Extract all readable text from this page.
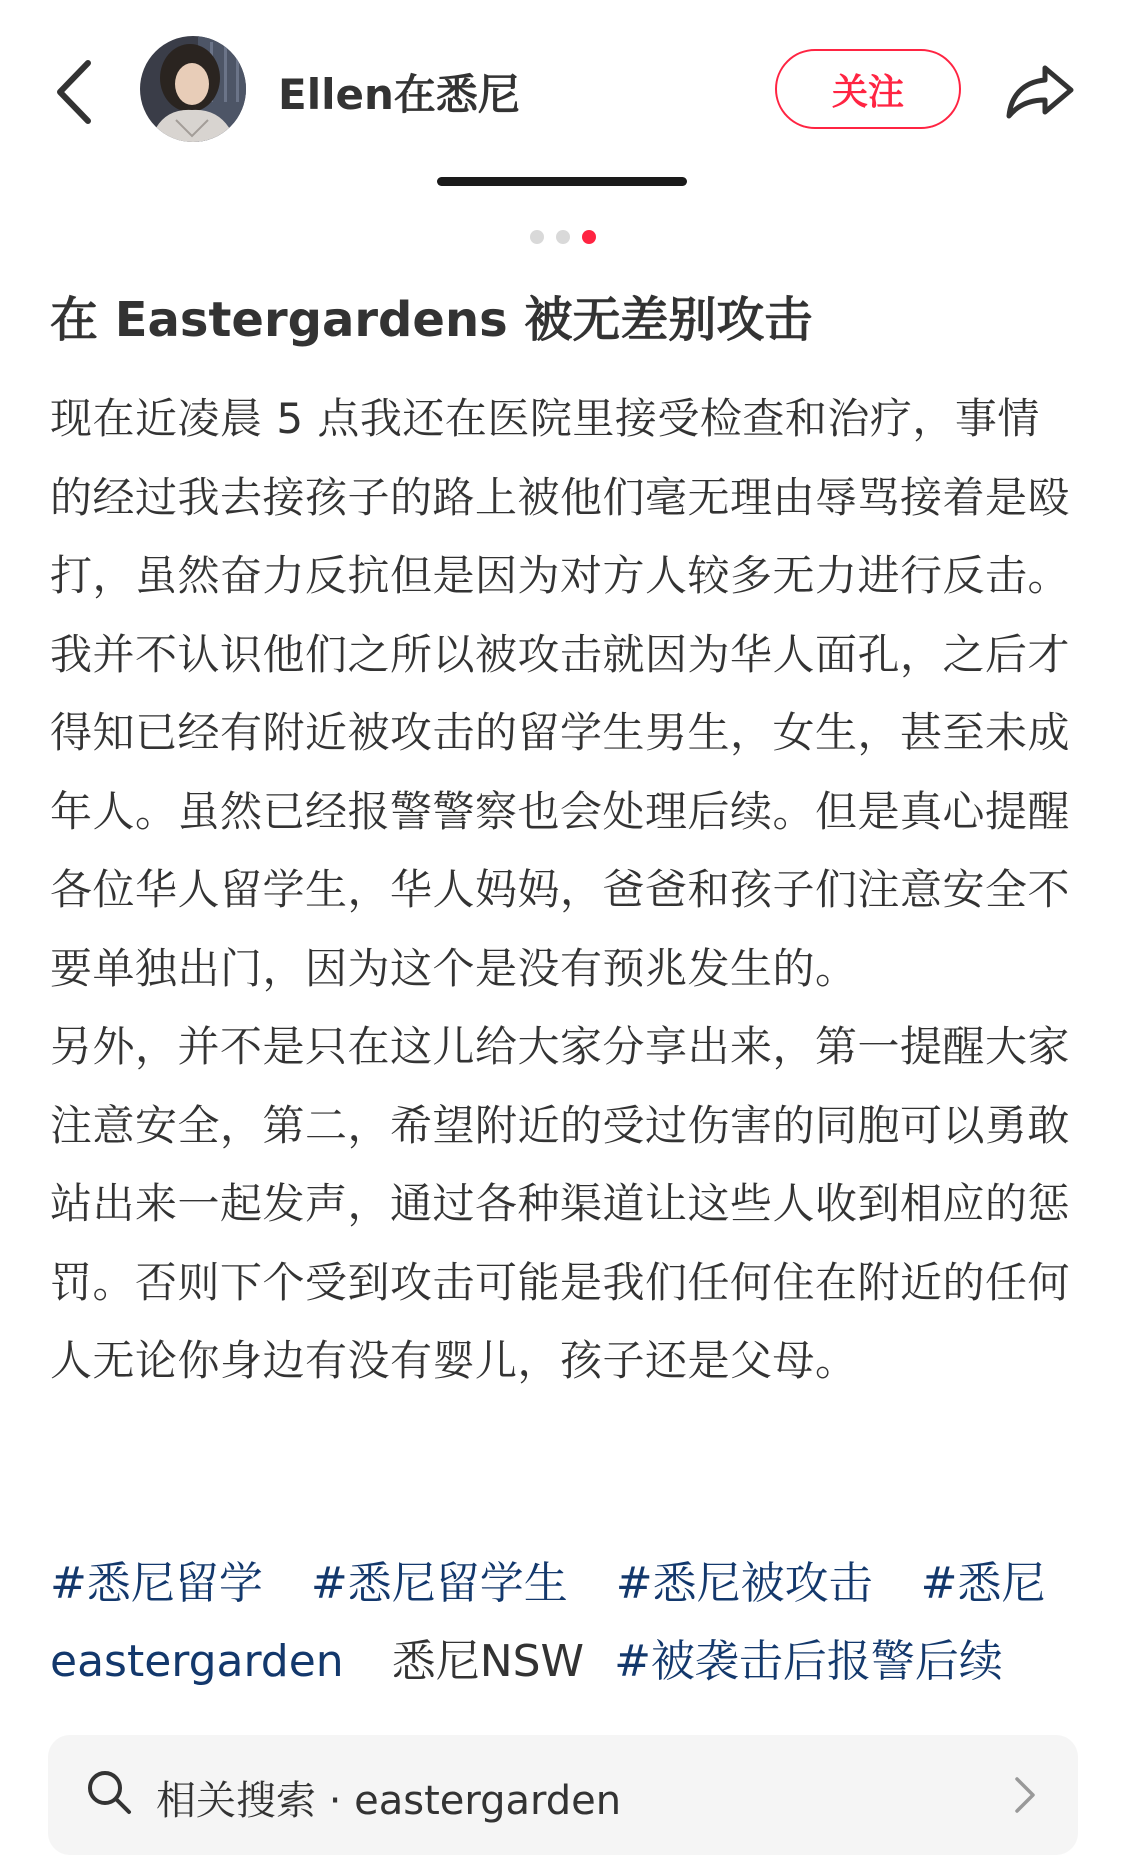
Ellen在悉尼	关注
在 Eastergardens 被无差别攻击

现在近凌晨 5 点我还在医院里接受检查和治疗，事情的经过我去接孩子的路上被他们毫无理由辱骂接着是殴打，虽然奋力反抗但是因为对方人较多无力进行反击。我并不认识他们之所以被攻击就因为华人面孔，之后才得知已经有附近被攻击的留学生男生，女生，甚至未成年人。虽然已经报警警察也会处理后续。但是真心提醒各位华人留学生，华人妈妈，爸爸和孩子们注意安全不要单独出门，因为这个是没有预兆发生的。

另外，并不是只在这儿给大家分享出来，第一提醒大家注意安全，第二，希望附近的受过伤害的同胞可以勇敢站出来一起发声，通过各种渠道让这些人收到相应的惩罚。否则下个受到攻击可能是我们任何住在附近的任何人无论你身边有没有婴儿，孩子还是父母。

#悉尼留学 #悉尼留学生 #悉尼被攻击 #悉尼eastergarden 悉尼NSW #被袭击后报警后续
相关搜索 · eastergarden
